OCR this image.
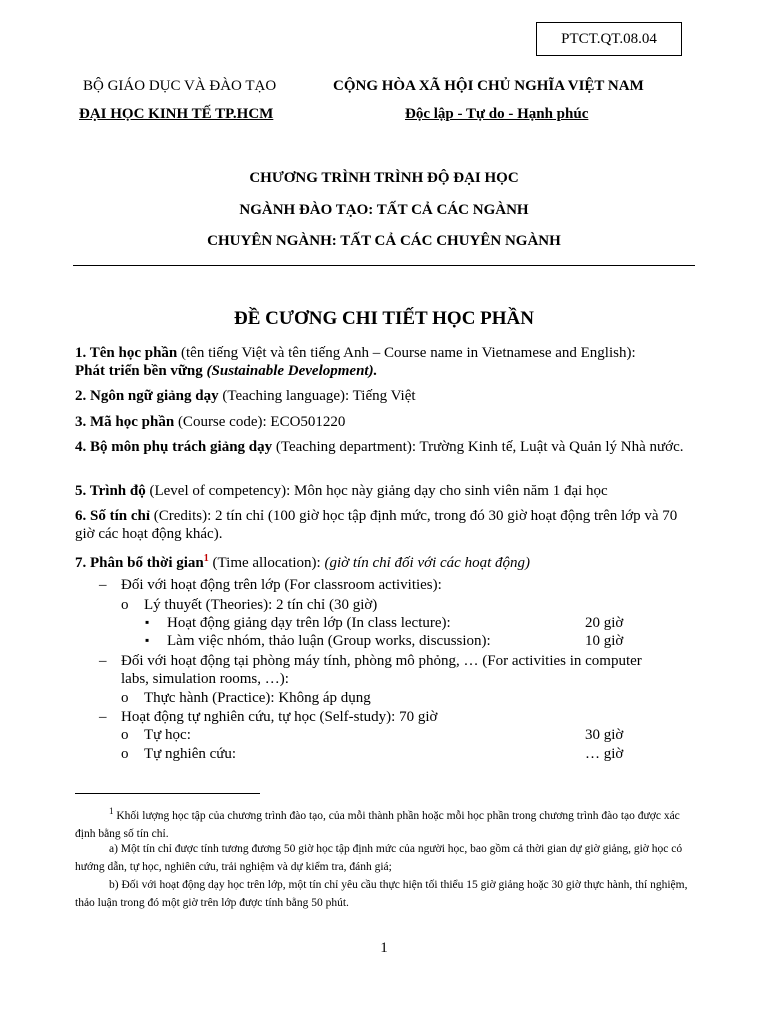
PTCT.QT.08.04
BỘ GIÁO DỤC VÀ ĐÀO TẠO
ĐẠI HỌC KINH TẾ TP.HCM
CỘNG HÒA XÃ HỘI CHỦ NGHĨA VIỆT NAM
Độc lập - Tự do - Hạnh phúc
CHƯƠNG TRÌNH TRÌNH ĐỘ ĐẠI HỌC
NGÀNH ĐÀO TẠO: TẤT CẢ CÁC NGÀNH
CHUYÊN NGÀNH: TẤT CẢ CÁC CHUYÊN NGÀNH
ĐỀ CƯƠNG CHI TIẾT HỌC PHẦN
1. Tên học phần (tên tiếng Việt và tên tiếng Anh – Course name in Vietnamese and English):
Phát triển bền vững (Sustainable Development).
2. Ngôn ngữ giảng dạy (Teaching language): Tiếng Việt
3. Mã học phần (Course code): ECO501220
4. Bộ môn phụ trách giảng dạy (Teaching department): Trường Kinh tế, Luật và Quản lý Nhà nước.
5. Trình độ (Level of competency): Môn học này giảng dạy cho sinh viên năm 1 đại học
6. Số tín chỉ (Credits): 2 tín chỉ (100 giờ học tập định mức, trong đó 30 giờ hoạt động trên lớp và 70 giờ các hoạt động khác).
7. Phân bổ thời gian$^1$ (Time allocation): (giờ tín chỉ đối với các hoạt động)
– Đối với hoạt động trên lớp (For classroom activities):
o Lý thuyết (Theories): 2 tín chỉ (30 giờ)
▪ Hoạt động giảng dạy trên lớp (In class lecture):	20 giờ
▪ Làm việc nhóm, thảo luận (Group works, discussion):	10 giờ
– Đối với hoạt động tại phòng máy tính, phòng mô phỏng, … (For activities in computer
labs, simulation rooms, …):
o Thực hành (Practice): Không áp dụng
– Hoạt động tự nghiên cứu, tự học (Self-study): 70 giờ
o Tự học:	30 giờ
o Tự nghiên cứu:	… giờ
$^1$ Khối lượng học tập của chương trình đào tạo, của mỗi thành phần hoặc mỗi học phần trong chương trình đào tạo được xác định bằng số tín chỉ.
a) Một tín chỉ được tính tương đương 50 giờ học tập định mức của người học, bao gồm cả thời gian dự giờ giảng, giờ học có hướng dẫn, tự học, nghiên cứu, trải nghiệm và dự kiểm tra, đánh giá;
b) Đối với hoạt động dạy học trên lớp, một tín chỉ yêu cầu thực hiện tối thiểu 15 giờ giảng hoặc 30 giờ thực hành, thí nghiệm, thảo luận trong đó một giờ trên lớp được tính bằng 50 phút.
1
